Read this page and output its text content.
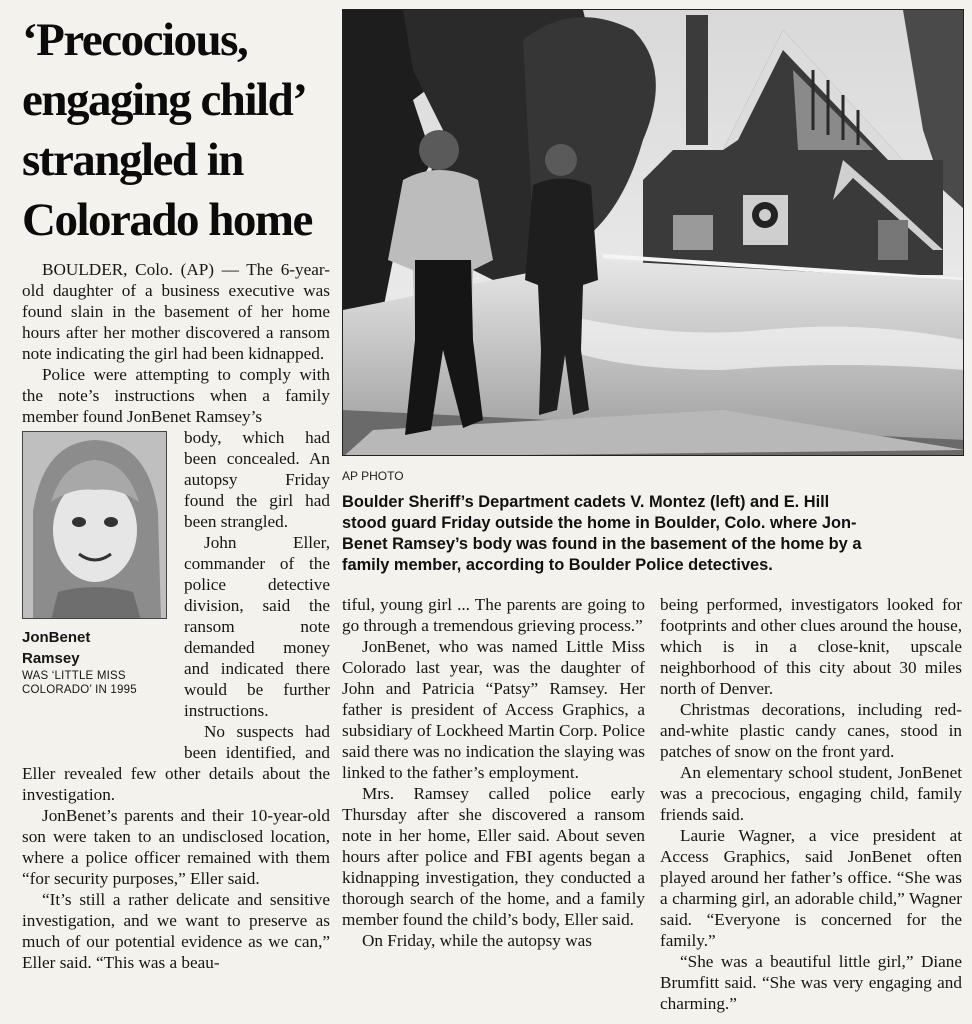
‘Precocious,
engaging child’
strangled in
Colorado home
AP PHOTO
Boulder Sheriff’s Department cadets V. Montez (left) and E. Hill
stood guard Friday outside the home in Boulder, Colo. where Jon-
Benet Ramsey’s body was found in the basement of the home by a
family member, according to Boulder Police detectives.

BOULDER, Colo. (AP) — The 6-year-old daughter of a business executive was found slain in the basement of her home hours after her mother discovered a ransom note indicating the girl had been kidnapped.

Police were attempting to comply with the note’s instructions when a family member found JonBenet Ramsey’s

JonBenet
Ramsey
WAS ‘LITTLE MISS COLORADO’ IN 1995

body, which had been concealed. An autopsy Friday found the girl had been strangled.

John Eller, commander of the police detective division, said the ransom note demanded money and indicated there would be further instructions.

No suspects had been identified, and Eller revealed few other details about the investigation.

JonBenet’s parents and their 10-year-old son were taken to an undisclosed location, where a police officer remained with them “for security purposes,” Eller said.

“It’s still a rather delicate and sensitive investigation, and we want to preserve as much of our potential evidence as we can,” Eller said. “This was a beau-

tiful, young girl ... The parents are going to go through a tremendous grieving process.”

JonBenet, who was named Little Miss Colorado last year, was the daughter of John and Patricia “Patsy” Ramsey. Her father is president of Access Graphics, a subsidiary of Lockheed Martin Corp. Police said there was no indication the slaying was linked to the father’s employment.

Mrs. Ramsey called police early Thursday after she discovered a ransom note in her home, Eller said. About seven hours after police and FBI agents began a kidnapping investigation, they conducted a thorough search of the home, and a family member found the child’s body, Eller said.

On Friday, while the autopsy was

being performed, investigators looked for footprints and other clues around the house, which is in a close-knit, upscale neighborhood of this city about 30 miles north of Denver.

Christmas decorations, including red-and-white plastic candy canes, stood in patches of snow on the front yard.

An elementary school student, JonBenet was a precocious, engaging child, family friends said.

Laurie Wagner, a vice president at Access Graphics, said JonBenet often played around her father’s office. “She was a charming girl, an adorable child,” Wagner said. “Everyone is concerned for the family.”

“She was a beautiful little girl,” Diane Brumfitt said. “She was very engaging and charming.”
